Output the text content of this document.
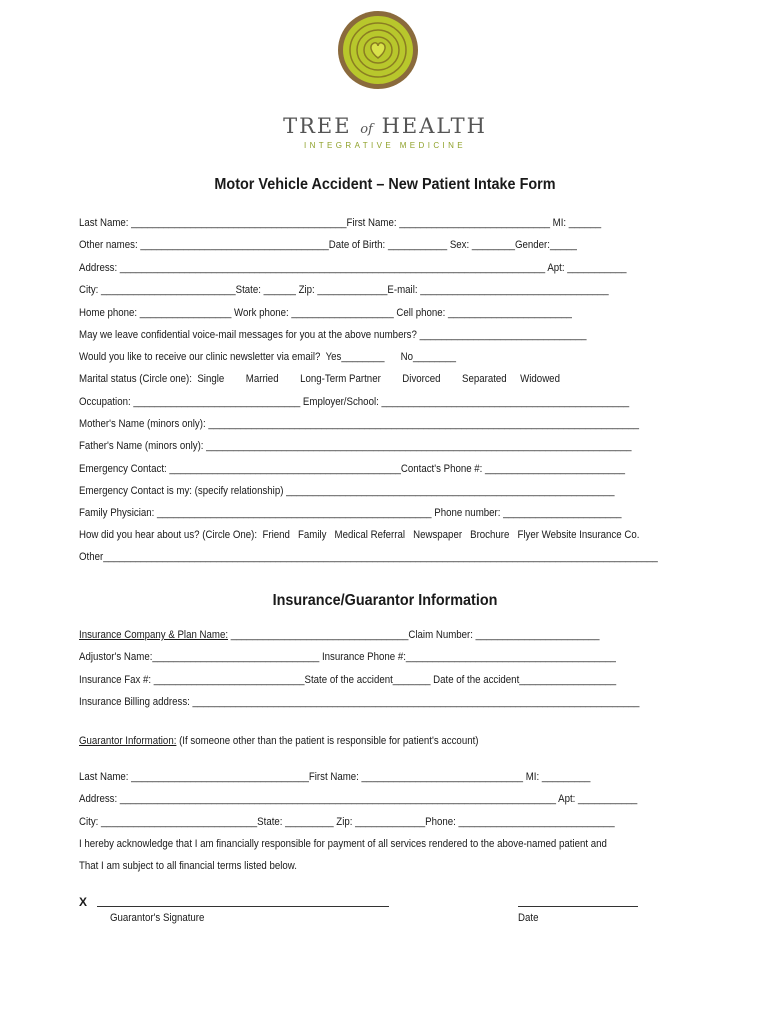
TREE of HEALTH
INTEGRATIVE MEDICINE
Motor Vehicle Accident – New Patient Intake Form
Last Name: ________________________________________First Name: ____________________________ MI: ______
Other names: ___________________________________Date of Birth: ___________ Sex: ________Gender:_____
Address: _______________________________________________________________________________ Apt: ___________
City: _________________________State: ______ Zip: _____________E-mail: ___________________________________
Home phone: _________________ Work phone: ___________________ Cell phone: _______________________
May we leave confidential voice-mail messages for you at the above numbers? _______________________________
Would you like to receive our clinic newsletter via email?  Yes________      No________
Marital status (Circle one):  Single        Married        Long-Term Partner        Divorced        Separated     Widowed
Occupation: _______________________________ Employer/School: ______________________________________________
Mother's Name (minors only): ________________________________________________________________________________
Father's Name (minors only): _______________________________________________________________________________
Emergency Contact: ___________________________________________Contact's Phone #: __________________________
Emergency Contact is my: (specify relationship) _____________________________________________________________
Family Physician: ___________________________________________________ Phone number: ______________________
How did you hear about us? (Circle One):  Friend   Family   Medical Referral   Newspaper   Brochure   Flyer Website Insurance Co.
Other_______________________________________________________________________________________________________
Insurance/Guarantor Information
Insurance Company & Plan Name: _________________________________Claim Number: _______________________
Adjustor's Name:_______________________________ Insurance Phone #:_______________________________________
Insurance Fax #: ____________________________State of the accident_______ Date of the accident__________________
Insurance Billing address: ___________________________________________________________________________________
Guarantor Information: (If someone other than the patient is responsible for patient's account)
Last Name: _________________________________First Name: ______________________________ MI: _________
Address: _________________________________________________________________________________ Apt: ___________
City: _____________________________State: _________ Zip: _____________Phone: _____________________________
I hereby acknowledge that I am financially responsible for payment of all services rendered to the above-named patient and
That I am subject to all financial terms listed below.
X
Guarantor's Signature	Date
